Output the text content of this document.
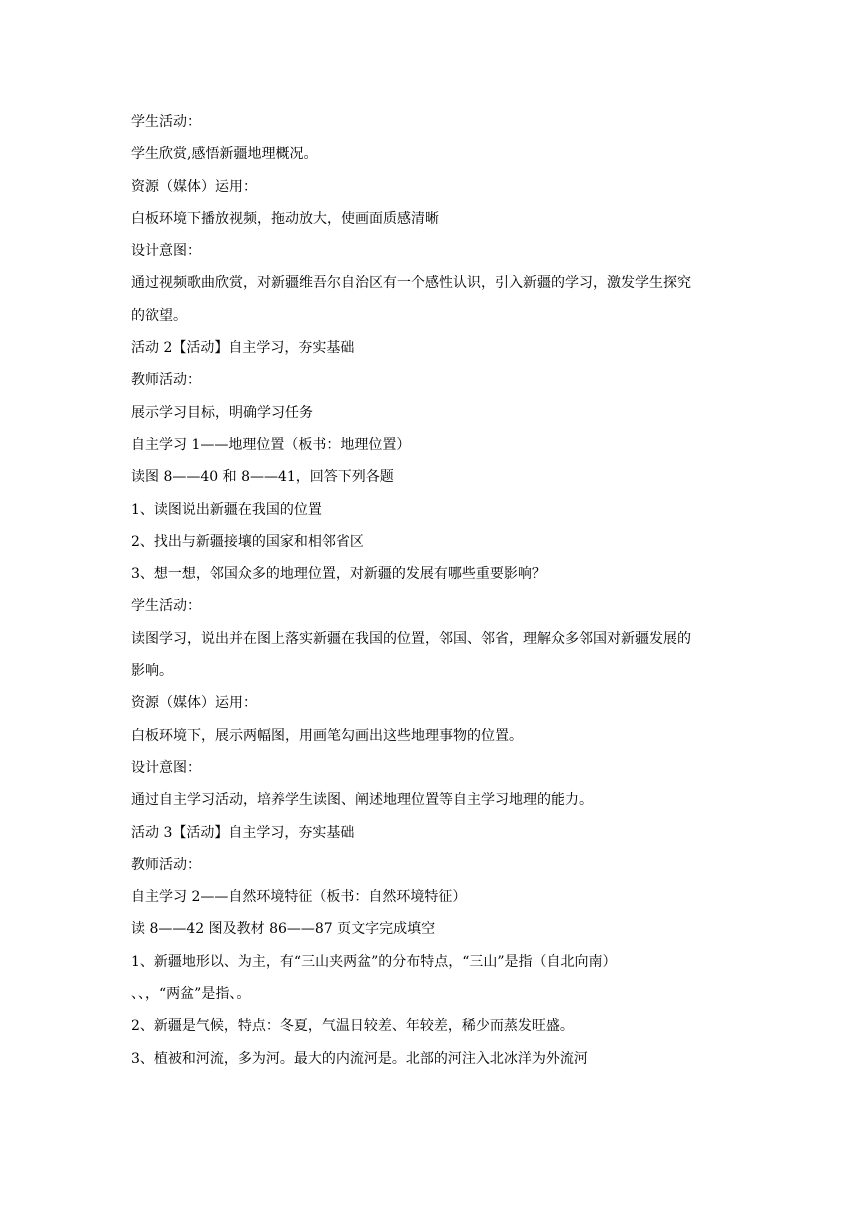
学生活动：

学生欣赏,感悟新疆地理概况。

资源（媒体）运用：

白板环境下播放视频，拖动放大，使画面质感清晰

设计意图：

通过视频歌曲欣赏，对新疆维吾尔自治区有一个感性认识，引入新疆的学习，激发学生探究

的欲望。

活动 2【活动】自主学习，夯实基础

教师活动：

展示学习目标，明确学习任务

自主学习 1——地理位置（板书：地理位置）

读图 8——40 和 8——41，回答下列各题

1、读图说出新疆在我国的位置

2、找出与新疆接壤的国家和相邻省区

3、想一想，邻国众多的地理位置，对新疆的发展有哪些重要影响？

学生活动：

读图学习，说出并在图上落实新疆在我国的位置，邻国、邻省，理解众多邻国对新疆发展的

影响。

资源（媒体）运用：

白板环境下，展示两幅图，用画笔勾画出这些地理事物的位置。

设计意图：

通过自主学习活动，培养学生读图、阐述地理位置等自主学习地理的能力。

活动 3【活动】自主学习，夯实基础

教师活动：

自主学习 2——自然环境特征（板书：自然环境特征）

读 8——42 图及教材 86——87 页文字完成填空

1、新疆地形以、为主，有“三山夹两盆”的分布特点，“三山”是指（自北向南）

、、，“两盆”是指、。

2、新疆是气候，特点：冬夏，气温日较差、年较差，稀少而蒸发旺盛。

3、植被和河流，多为河。最大的内流河是。北部的河注入北冰洋为外流河
